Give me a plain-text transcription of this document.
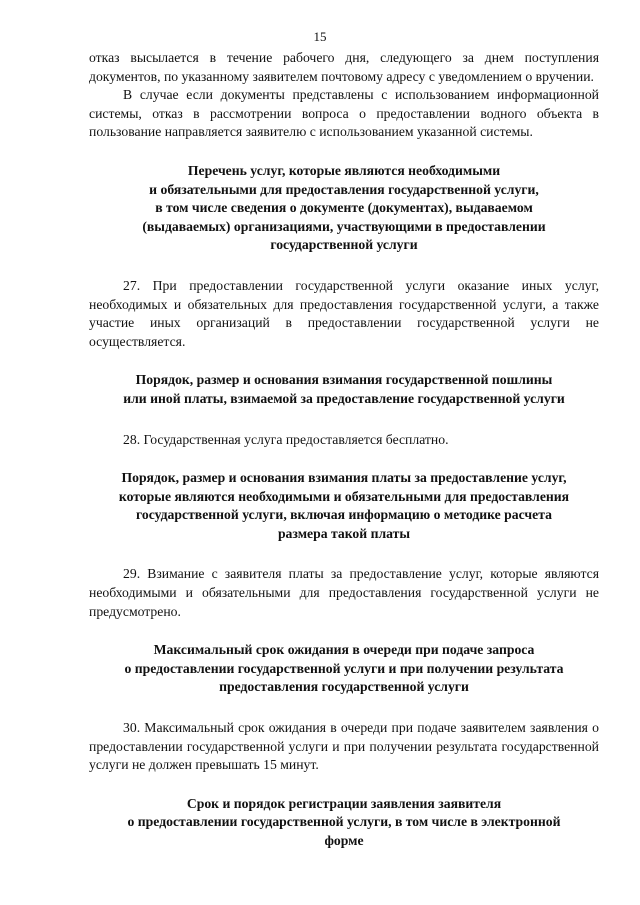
15

отказ высылается в течение рабочего дня, следующего за днем поступления документов, по указанному заявителем почтовому адресу с уведомлением о вручении.

В случае если документы представлены с использованием информационной системы, отказ в рассмотрении вопроса о предоставлении водного объекта в пользование направляется заявителю с использованием указанной системы.

Перечень услуг, которые являются необходимыми

и обязательными для предоставления государственной услуги,

в том числе сведения о документе (документах), выдаваемом

(выдаваемых) организациями, участвующими в предоставлении

государственной услуги

27. При предоставлении государственной услуги оказание иных услуг, необходимых и обязательных для предоставления государственной услуги, а также участие иных организаций в предоставлении государственной услуги не осуществляется.

Порядок, размер и основания взимания государственной пошлины

или иной платы, взимаемой за предоставление государственной услуги

28. Государственная услуга предоставляется бесплатно.

Порядок, размер и основания взимания платы за предоставление услуг,

которые являются необходимыми и обязательными для предоставления

государственной услуги, включая информацию о методике расчета

размера такой платы

29. Взимание с заявителя платы за предоставление услуг, которые являются необходимыми и обязательными для предоставления государственной услуги не предусмотрено.

Максимальный срок ожидания в очереди при подаче запроса

о предоставлении государственной услуги и при получении результата

предоставления государственной услуги

30. Максимальный срок ожидания в очереди при подаче заявителем заявления о предоставлении государственной услуги и при получении результата государственной услуги не должен превышать 15 минут.

Срок и порядок регистрации заявления заявителя

о предоставлении государственной услуги, в том числе в электронной

форме
